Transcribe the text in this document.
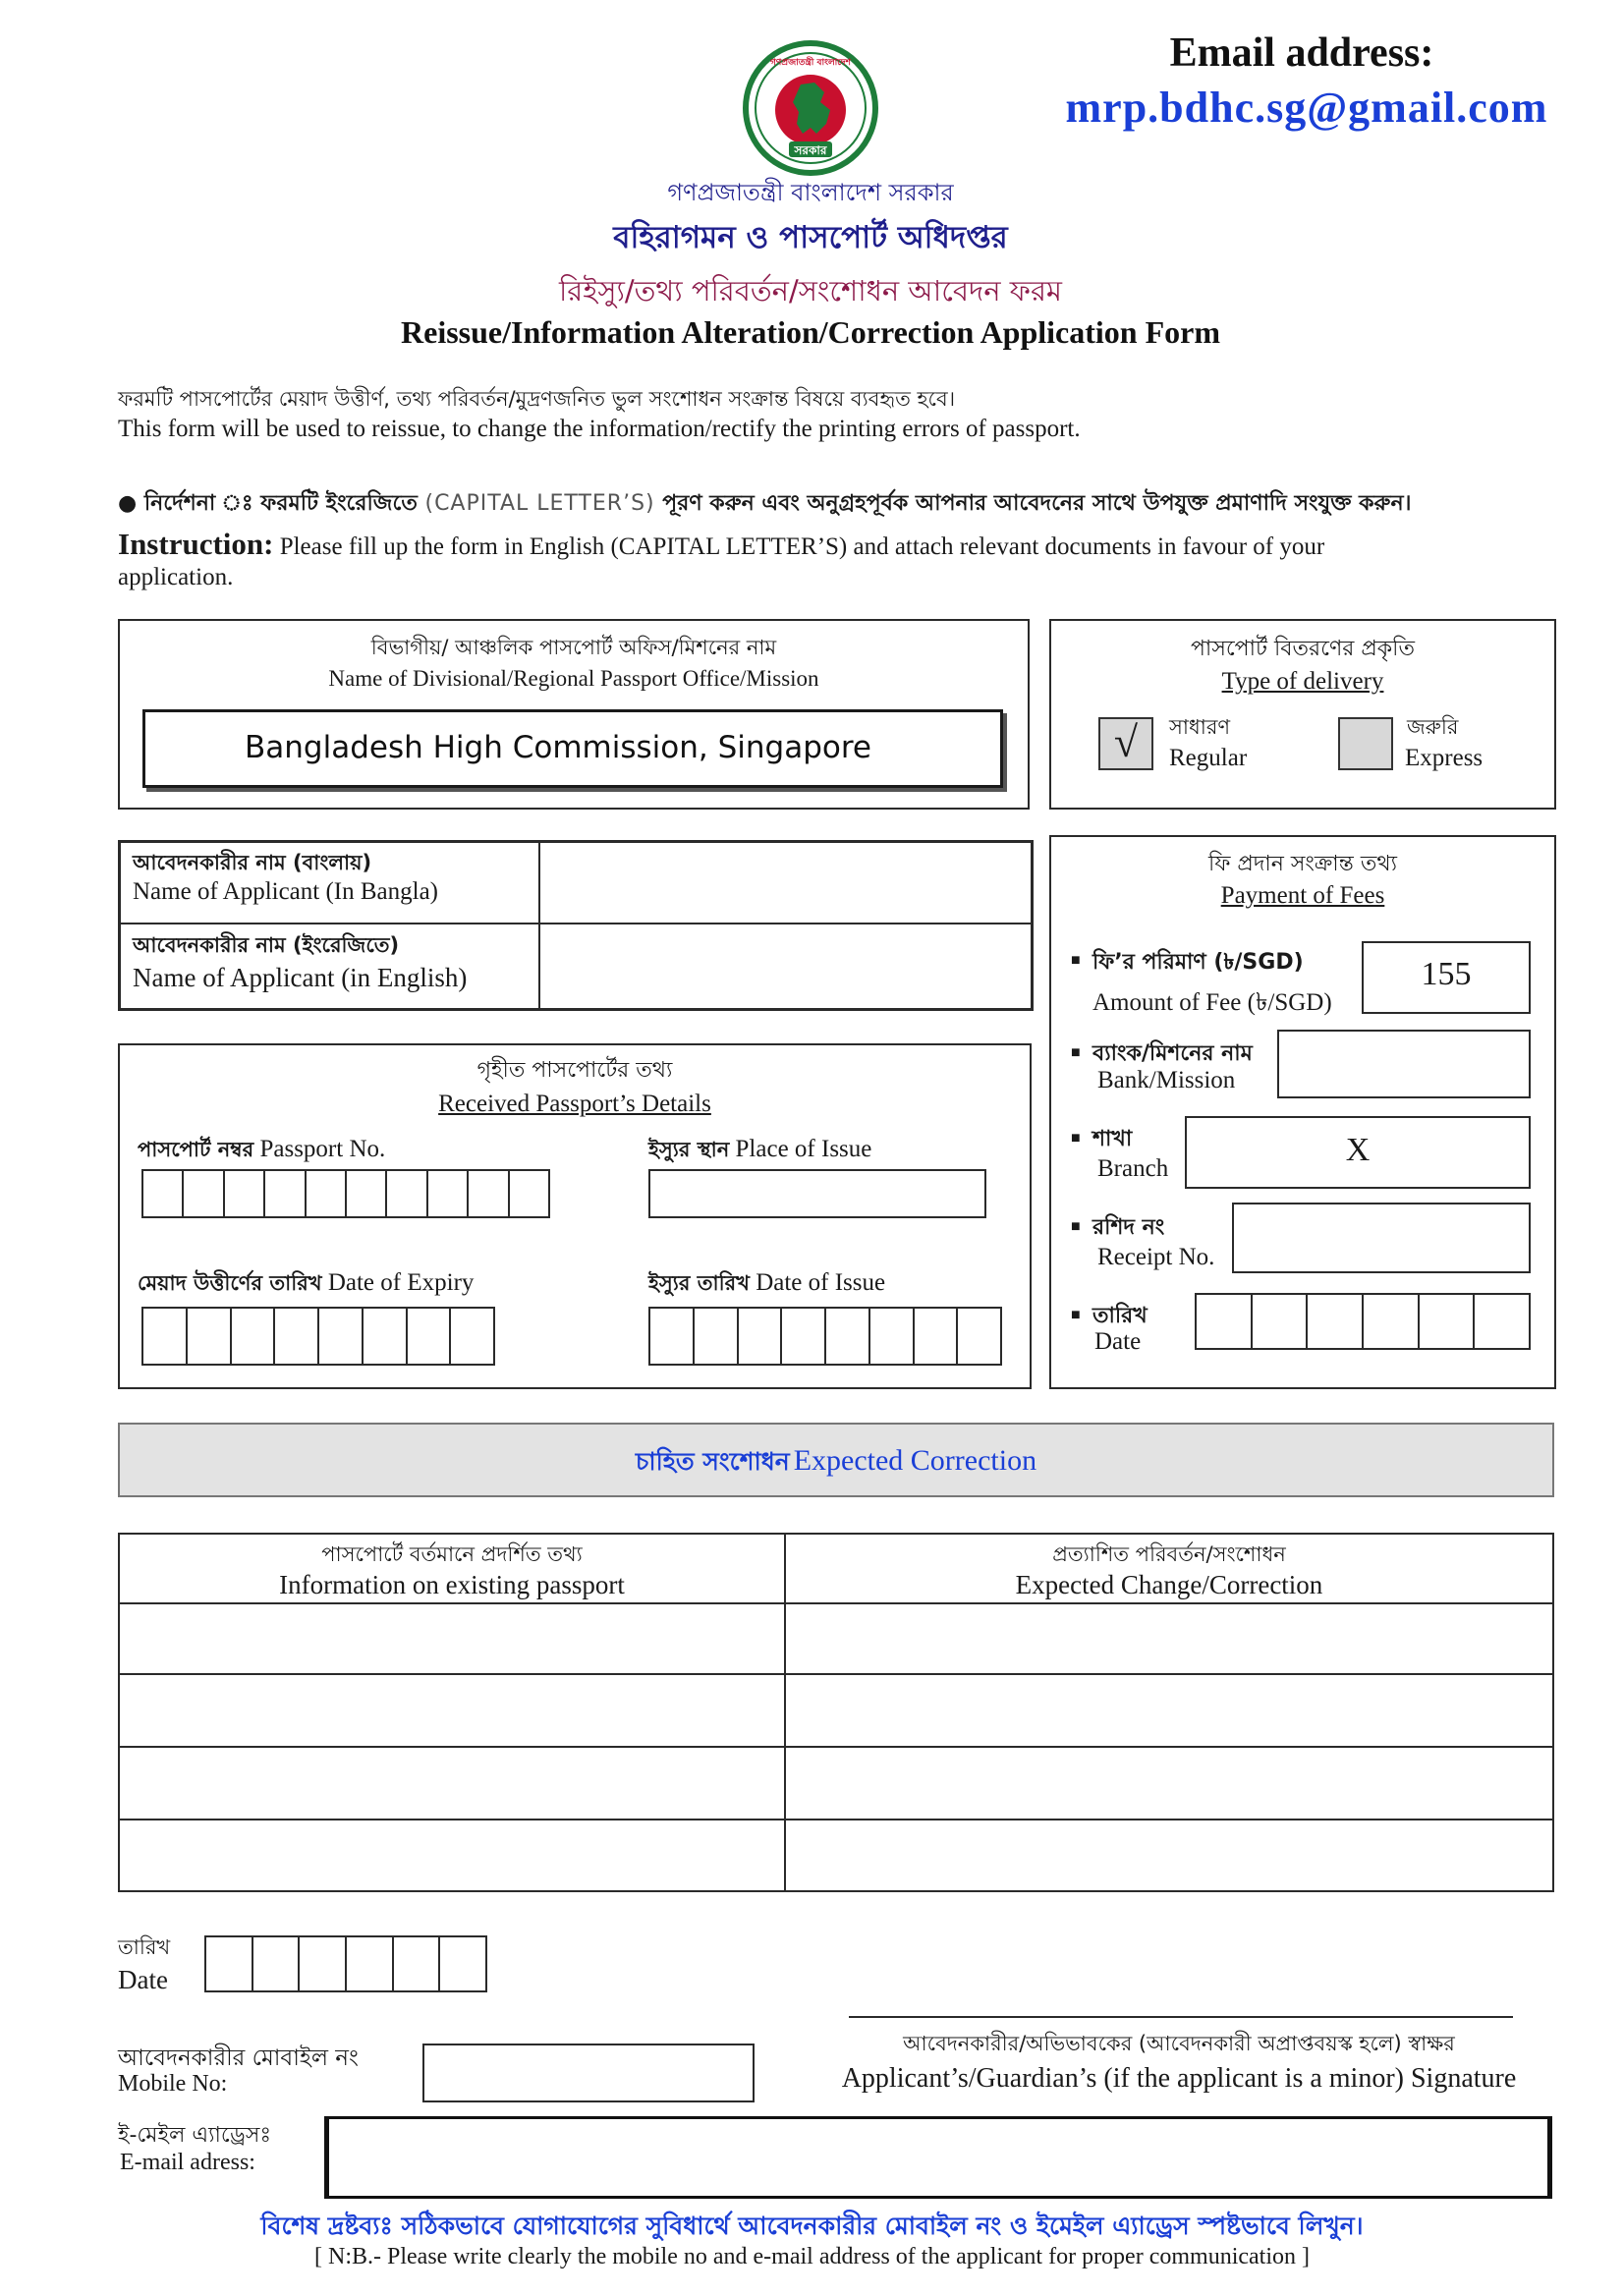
Email address:
mrp.bdhc.sg@gmail.com
গণপ্রজাতন্ত্রী বাংলাদেশ
সরকার
গণপ্রজাতন্ত্রী বাংলাদেশ সরকার
বহিরাগমন ও পাসপোর্ট অধিদপ্তর
রিইস্যু/তথ্য পরিবর্তন/সংশোধন আবেদন ফরম
Reissue/Information Alteration/Correction Application Form
ফরমটি পাসপোর্টের মেয়াদ উত্তীর্ণ, তথ্য পরিবর্তন/মুদ্রণজনিত ভুল সংশোধন সংক্রান্ত বিষয়ে ব্যবহৃত হবে।
This form will be used to reissue, to change the information/rectify the printing errors of passport.
● নির্দেশনা ঃ ফরমটি ইংরেজিতে (CAPITAL LETTER’S) পূরণ করুন এবং অনুগ্রহপূর্বক আপনার আবেদনের সাথে উপযুক্ত প্রমাণাদি সংযুক্ত করুন।
Instruction: Please fill up the form in English (CAPITAL LETTER’S) and attach relevant documents in favour of your
application.
বিভাগীয়/ আঞ্চলিক পাসপোর্ট অফিস/মিশনের নাম
Name of Divisional/Regional Passport Office/Mission
Bangladesh High Commission, Singapore
পাসপোর্ট বিতরণের প্রকৃতি
Type of delivery
√	সাধারণ
Regular
জরুরি
Express
আবেদনকারীর নাম (বাংলায়)
Name of Applicant (In Bangla)
আবেদনকারীর নাম (ইংরেজিতে)
Name of Applicant (in English)
গৃহীত পাসপোর্টের তথ্য
Received Passport’s Details
পাসপোর্ট নম্বর Passport No.	ইস্যুর স্থান Place of Issue
মেয়াদ উত্তীর্ণের তারিখ Date of Expiry	ইস্যুর তারিখ Date of Issue
ফি প্রদান সংক্রান্ত তথ্য
Payment of Fees
■ ফি’র পরিমাণ (৳/SGD)
Amount of Fee (৳/SGD)
155
■ ব্যাংক/মিশনের নাম
Bank/Mission
■ শাখা
Branch
X
■ রশিদ নং
Receipt No.
■ তারিখ
Date
চাহিত সংশোধন Expected Correction
পাসপোর্টে বর্তমানে প্রদর্শিত তথ্য
Information on existing passport
প্রত্যাশিত পরিবর্তন/সংশোধন
Expected Change/Correction
তারিখ
Date
আবেদনকারীর মোবাইল নং
Mobile No:
আবেদনকারীর/অভিভাবকের (আবেদনকারী অপ্রাপ্তবয়স্ক হলে) স্বাক্ষর
Applicant’s/Guardian’s (if the applicant is a minor) Signature
ই-মেইল এ্যাড্রেসঃ
E-mail adress:
বিশেষ দ্রষ্টব্যঃ সঠিকভাবে যোগাযোগের সুবিধার্থে আবেদনকারীর মোবাইল নং ও ইমেইল এ্যাড্রেস স্পষ্টভাবে লিখুন।
[ N:B.- Please write clearly the mobile no and e-mail address of the applicant for proper communication ]
